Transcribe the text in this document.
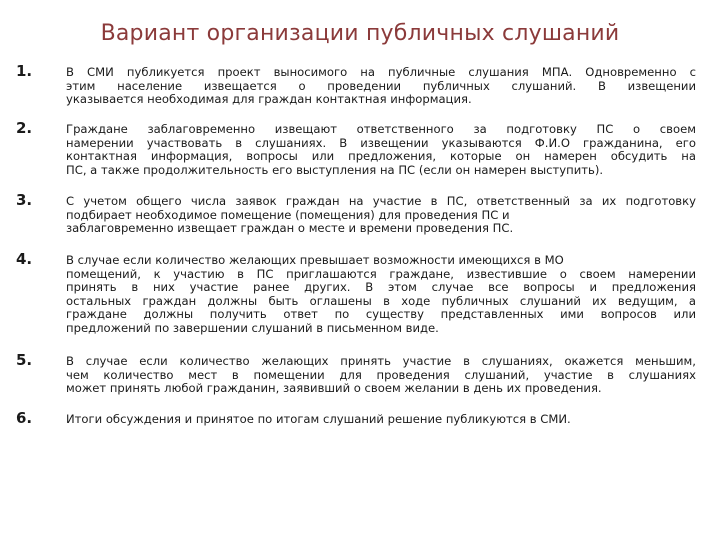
Вариант организации публичных слушаний
1.	В СМИ публикуется проект выносимого на публичные слушания МПА. Одновременно с
этим население извещается о проведении публичных слушаний. В извещении
указывается необходимая для граждан контактная информация.
2.	Граждане заблаговременно извещают ответственного за подготовку ПС о своем
намерении участвовать в слушаниях. В извещении указываются Ф.И.О гражданина, его
контактная информация, вопросы или предложения, которые он намерен обсудить на
ПС, а также продолжительность его выступления на ПС (если он намерен выступить).
3.	С учетом общего числа заявок граждан на участие в ПС, ответственный за их подготовку
подбирает необходимое помещение (помещения) для проведения ПС и
заблаговременно извещает граждан о месте и времени проведения ПС.
4.	В случае если количество желающих превышает возможности имеющихся в МО
помещений, к участию в ПС приглашаются граждане, известившие о своем намерении
принять в них участие ранее других. В этом случае все вопросы и предложения
остальных граждан должны быть оглашены в ходе публичных слушаний их ведущим, а
граждане должны получить ответ по существу представленных ими вопросов или
предложений по завершении слушаний в письменном виде.
5.	В случае если количество желающих принять участие в слушаниях, окажется меньшим,
чем количество мест в помещении для проведения слушаний, участие в слушаниях
может принять любой гражданин, заявивший о своем желании в день их проведения.
6.	Итоги обсуждения и принятое по итогам слушаний решение публикуются в СМИ.
